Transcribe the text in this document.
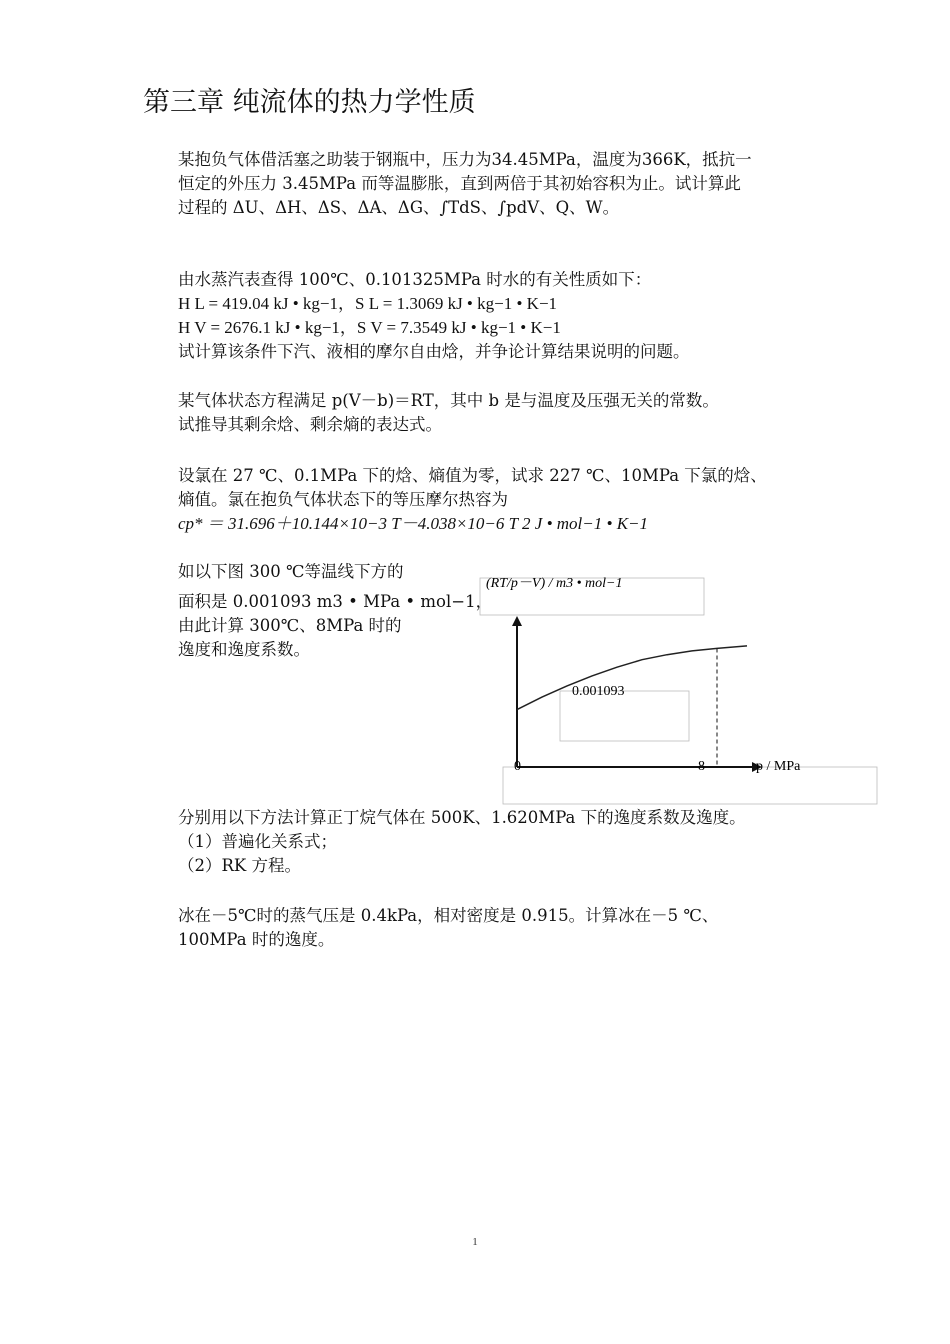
第三章 纯流体的热力学性质
某抱负气体借活塞之助装于钢瓶中，压力为34.45MPa，温度为366K，抵抗一
恒定的外压力 3.45MPa 而等温膨胀，直到两倍于其初始容积为止。试计算此
过程的 ΔU、ΔH、ΔS、ΔA、ΔG、∫TdS、∫pdV、Q、W。
由水蒸汽表查得 100℃、0.101325MPa 时水的有关性质如下：
H L = 419.04 kJ • kg−1，S L = 1.3069 kJ • kg−1 • K−1
H V = 2676.1 kJ • kg−1，S V = 7.3549 kJ • kg−1 • K−1
试计算该条件下汽、液相的摩尔自由焓，并争论计算结果说明的问题。
某气体状态方程满足 p(V－b)＝RT，其中 b 是与温度及压强无关的常数。
试推导其剩余焓、剩余熵的表达式。
设氯在 27 ℃、0.1MPa 下的焓、熵值为零，试求 227 ℃、10MPa 下氯的焓、
熵值。氯在抱负气体状态下的等压摩尔热容为
cp* ＝ 31.696＋10.144×10−3 T－4.038×10−6 T 2 J • mol−1 • K−1
如以下图 300 ℃等温线下方的
面积是 0.001093 m3 • MPa • mol−1，
由此计算 300℃、8MPa 时的
逸度和逸度系数。
(RT/p－V) / m3 • mol−1
0.001093
0	8	p / MPa
分别用以下方法计算正丁烷气体在 500K、1.620MPa 下的逸度系数及逸度。
（1）普遍化关系式；
（2）RK 方程。
冰在－5℃时的蒸气压是 0.4kPa，相对密度是 0.915。计算冰在－5 ℃、
100MPa 时的逸度。
1
